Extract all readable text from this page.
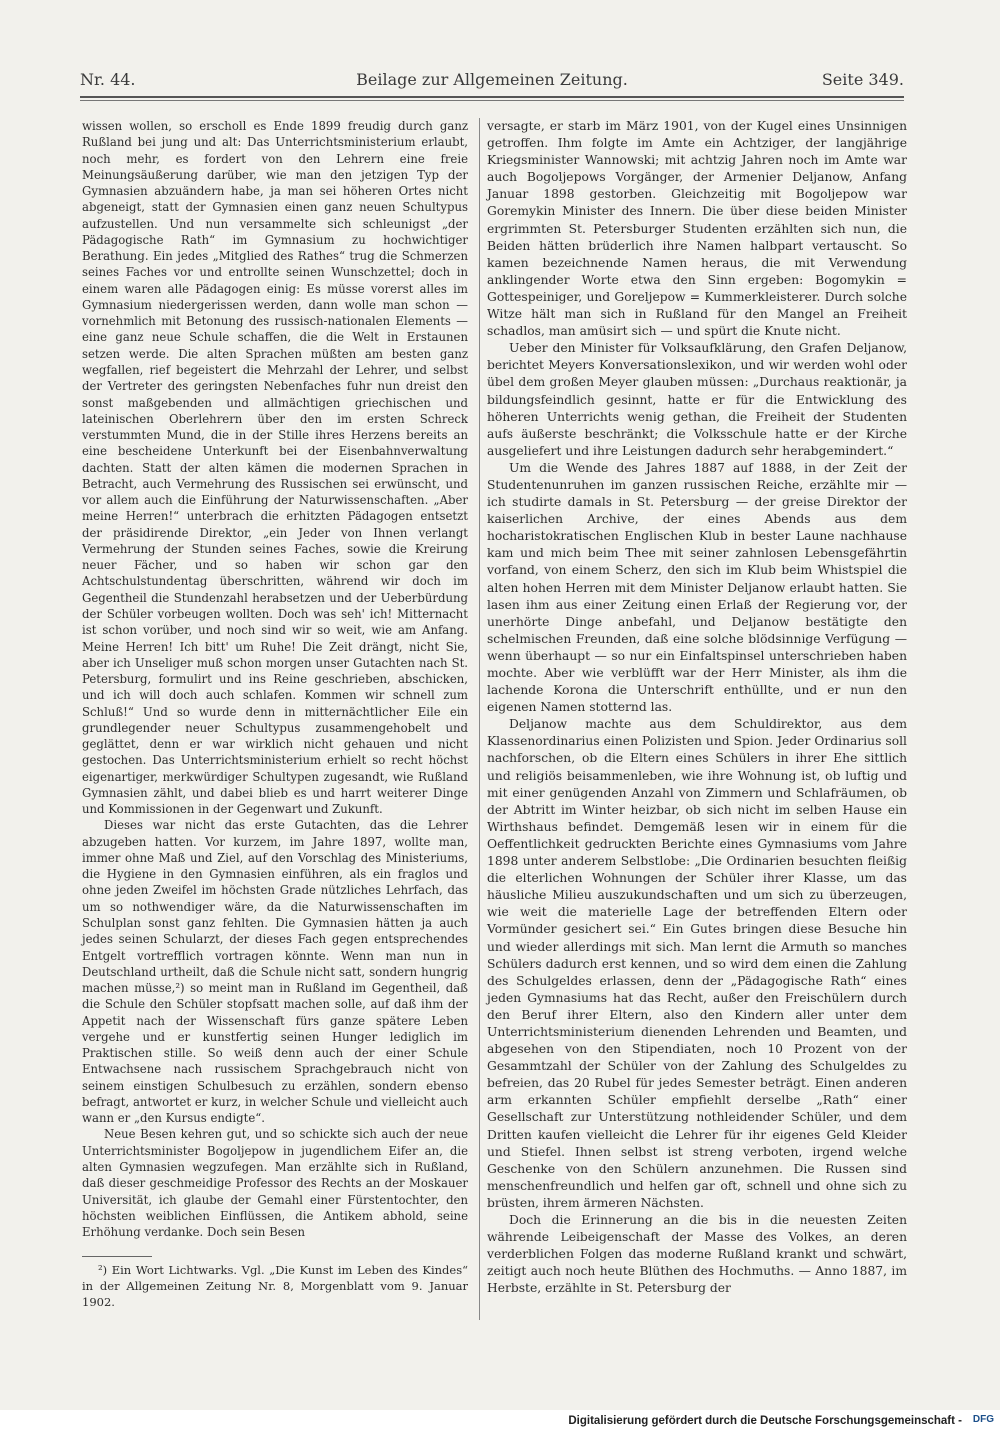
Nr. 44.	Beilage zur Allgemeinen Zeitung.	Seite 349.

wissen wollen, so erscholl es Ende 1899 freudig durch ganz Rußland bei jung und alt: Das Unterrichtsministerium erlaubt, noch mehr, es fordert von den Lehrern eine freie Meinungsäußerung darüber, wie man den jetzigen Typ der Gymnasien abzuändern habe, ja man sei höheren Ortes nicht abgeneigt, statt der Gymnasien einen ganz neuen Schultypus aufzustellen. Und nun versammelte sich schleunigst „der Pädagogische Rath“ im Gymnasium zu hochwichtiger Berathung. Ein jedes „Mitglied des Rathes“ trug die Schmerzen seines Faches vor und entrollte seinen Wunschzettel; doch in einem waren alle Pädagogen einig: Es müsse vorerst alles im Gymnasium niedergerissen werden, dann wolle man schon — vornehmlich mit Betonung des russisch-nationalen Elements — eine ganz neue Schule schaffen, die die Welt in Erstaunen setzen werde. Die alten Sprachen müßten am besten ganz wegfallen, rief begeistert die Mehrzahl der Lehrer, und selbst der Vertreter des geringsten Nebenfaches fuhr nun dreist den sonst maßgebenden und allmächtigen griechischen und lateinischen Oberlehrern über den im ersten Schreck verstummten Mund, die in der Stille ihres Herzens bereits an eine bescheidene Unterkunft bei der Eisenbahnverwaltung dachten. Statt der alten kämen die modernen Sprachen in Betracht, auch Vermehrung des Russischen sei erwünscht, und vor allem auch die Einführung der Naturwissenschaften. „Aber meine Herren!“ unterbrach die erhitzten Pädagogen entsetzt der präsidirende Direktor, „ein Jeder von Ihnen verlangt Vermehrung der Stunden seines Faches, sowie die Kreirung neuer Fächer, und so haben wir schon gar den Achtschulstundentag überschritten, während wir doch im Gegentheil die Stundenzahl herabsetzen und der Ueberbürdung der Schüler vorbeugen wollten. Doch was seh' ich! Mitternacht ist schon vorüber, und noch sind wir so weit, wie am Anfang. Meine Herren! Ich bitt' um Ruhe! Die Zeit drängt, nicht Sie, aber ich Unseliger muß schon morgen unser Gutachten nach St. Petersburg, formulirt und ins Reine geschrieben, abschicken, und ich will doch auch schlafen. Kommen wir schnell zum Schluß!“ Und so wurde denn in mitternächtlicher Eile ein grundlegender neuer Schultypus zusammengehobelt und geglättet, denn er war wirklich nicht gehauen und nicht gestochen. Das Unterrichtsministerium erhielt so recht höchst eigenartiger, merkwürdiger Schultypen zugesandt, wie Rußland Gymnasien zählt, und dabei blieb es und harrt weiterer Dinge und Kommissionen in der Gegenwart und Zukunft.

Dieses war nicht das erste Gutachten, das die Lehrer abzugeben hatten. Vor kurzem, im Jahre 1897, wollte man, immer ohne Maß und Ziel, auf den Vorschlag des Ministeriums, die Hygiene in den Gymnasien einführen, als ein fraglos und ohne jeden Zweifel im höchsten Grade nützliches Lehrfach, das um so nothwendiger wäre, da die Naturwissenschaften im Schulplan sonst ganz fehlten. Die Gymnasien hätten ja auch jedes seinen Schularzt, der dieses Fach gegen entsprechendes Entgelt vortrefflich vortragen könnte. Wenn man nun in Deutschland urtheilt, daß die Schule nicht satt, sondern hungrig machen müsse,²) so meint man in Rußland im Gegentheil, daß die Schule den Schüler stopfsatt machen solle, auf daß ihm der Appetit nach der Wissenschaft fürs ganze spätere Leben vergehe und er kunstfertig seinen Hunger lediglich im Praktischen stille. So weiß denn auch der einer Schule Entwachsene nach russischem Sprachgebrauch nicht von seinem einstigen Schulbesuch zu erzählen, sondern ebenso befragt, antwortet er kurz, in welcher Schule und vielleicht auch wann er „den Kursus endigte“.

Neue Besen kehren gut, und so schickte sich auch der neue Unterrichtsminister Bogoljepow in jugendlichem Eifer an, die alten Gymnasien wegzufegen. Man erzählte sich in Rußland, daß dieser geschmeidige Professor des Rechts an der Moskauer Universität, ich glaube der Gemahl einer Fürstentochter, den höchsten weiblichen Einflüssen, die Antikem abhold, seine Erhöhung verdanke. Doch sein Besen

versagte, er starb im März 1901, von der Kugel eines Unsinnigen getroffen. Ihm folgte im Amte ein Achtziger, der langjährige Kriegsminister Wannowski; mit achtzig Jahren noch im Amte war auch Bogoljepows Vorgänger, der Armenier Deljanow, Anfang Januar 1898 gestorben. Gleichzeitig mit Bogoljepow war Goremykin Minister des Innern. Die über diese beiden Minister ergrimmten St. Petersburger Studenten erzählten sich nun, die Beiden hätten brüderlich ihre Namen halbpart vertauscht. So kamen bezeichnende Namen heraus, die mit Verwendung anklingender Worte etwa den Sinn ergeben: Bogomykin = Gottespeiniger, und Goreljepow = Kummerkleisterer. Durch solche Witze hält man sich in Rußland für den Mangel an Freiheit schadlos, man amüsirt sich — und spürt die Knute nicht.

Ueber den Minister für Volksaufklärung, den Grafen Deljanow, berichtet Meyers Konversationslexikon, und wir werden wohl oder übel dem großen Meyer glauben müssen: „Durchaus reaktionär, ja bildungsfeindlich gesinnt, hatte er für die Entwicklung des höheren Unterrichts wenig gethan, die Freiheit der Studenten aufs äußerste beschränkt; die Volksschule hatte er der Kirche ausgeliefert und ihre Leistungen dadurch sehr herabgemindert.“

Um die Wende des Jahres 1887 auf 1888, in der Zeit der Studentenunruhen im ganzen russischen Reiche, erzählte mir — ich studirte damals in St. Petersburg — der greise Direktor der kaiserlichen Archive, der eines Abends aus dem hocharistokratischen Englischen Klub in bester Laune nachhause kam und mich beim Thee mit seiner zahnlosen Lebensgefährtin vorfand, von einem Scherz, den sich im Klub beim Whistspiel die alten hohen Herren mit dem Minister Deljanow erlaubt hatten. Sie lasen ihm aus einer Zeitung einen Erlaß der Regierung vor, der unerhörte Dinge anbefahl, und Deljanow bestätigte den schelmischen Freunden, daß eine solche blödsinnige Verfügung — wenn überhaupt — so nur ein Einfaltspinsel unterschrieben haben mochte. Aber wie verblüfft war der Herr Minister, als ihm die lachende Korona die Unterschrift enthüllte, und er nun den eigenen Namen stotternd las.

Deljanow machte aus dem Schuldirektor, aus dem Klassenordinarius einen Polizisten und Spion. Jeder Ordinarius soll nachforschen, ob die Eltern eines Schülers in ihrer Ehe sittlich und religiös beisammenleben, wie ihre Wohnung ist, ob luftig und mit einer genügenden Anzahl von Zimmern und Schlafräumen, ob der Abtritt im Winter heizbar, ob sich nicht im selben Hause ein Wirthshaus befindet. Demgemäß lesen wir in einem für die Oeffentlichkeit gedruckten Berichte eines Gymnasiums vom Jahre 1898 unter anderem Selbstlobe: „Die Ordinarien besuchten fleißig die elterlichen Wohnungen der Schüler ihrer Klasse, um das häusliche Milieu auszukundschaften und um sich zu überzeugen, wie weit die materielle Lage der betreffenden Eltern oder Vormünder gesichert sei.“ Ein Gutes bringen diese Besuche hin und wieder allerdings mit sich. Man lernt die Armuth so manches Schülers dadurch erst kennen, und so wird dem einen die Zahlung des Schulgeldes erlassen, denn der „Pädagogische Rath“ eines jeden Gymnasiums hat das Recht, außer den Freischülern durch den Beruf ihrer Eltern, also den Kindern aller unter dem Unterrichtsministerium dienenden Lehrenden und Beamten, und abgesehen von den Stipendiaten, noch 10 Prozent von der Gesammtzahl der Schüler von der Zahlung des Schulgeldes zu befreien, das 20 Rubel für jedes Semester beträgt. Einen anderen arm erkannten Schüler empfiehlt derselbe „Rath“ einer Gesellschaft zur Unterstützung nothleidender Schüler, und dem Dritten kaufen vielleicht die Lehrer für ihr eigenes Geld Kleider und Stiefel. Ihnen selbst ist streng verboten, irgend welche Geschenke von den Schülern anzunehmen. Die Russen sind menschenfreundlich und helfen gar oft, schnell und ohne sich zu brüsten, ihrem ärmeren Nächsten.

Doch die Erinnerung an die bis in die neuesten Zeiten währende Leibeigenschaft der Masse des Volkes, an deren verderblichen Folgen das moderne Rußland krankt und schwärt, zeitigt auch noch heute Blüthen des Hochmuths. — Anno 1887, im Herbste, erzählte in St. Petersburg der

²) Ein Wort Lichtwarks. Vgl. „Die Kunst im Leben des Kindes“ in der Allgemeinen Zeitung Nr. 8, Morgenblatt vom 9. Januar 1902.

Digitalisierung gefördert durch die Deutsche Forschungsgemeinschaft - DFG
